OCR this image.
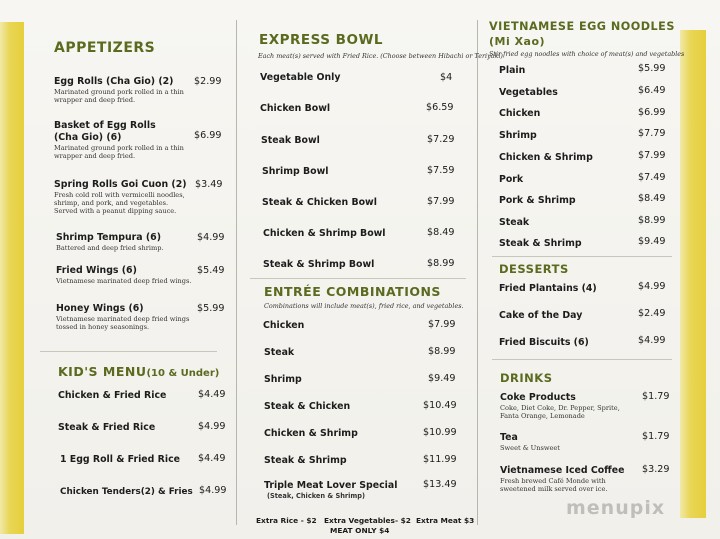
APPETIZERS
Egg Rolls (Cha Gio) (2)
Marinated ground pork rolled in a thin
wrapper and deep fried.
$2.99
Basket of Egg Rolls
(Cha Gio) (6)
Marinated ground pork rolled in a thin
wrapper and deep fried.
$6.99
Spring Rolls Goi Cuon (2)
Fresh cold roll with vermicelli noodles,
shrimp, and pork, and vegetables.
Served with a peanut dipping sauce.
$3.49
Shrimp Tempura (6)
Battered and deep fried shrimp.
$4.99
Fried Wings (6)
Vietnamese marinated deep fried wings.
$5.49
Honey Wings (6)
Vietnamese marinated deep fried wings
tossed in honey seasonings.
$5.99
KID'S MENU(10 & Under)
Chicken & Fried Rice	$4.49
Steak & Fried Rice	$4.99
1 Egg Roll & Fried Rice $4.49
Chicken Tenders(2) & Fries $4.99
EXPRESS BOWL
Each meat(s) served with Fried Rice. (Choose between Hibachi or Teriyaki)
Vegetable Only	$4
Chicken Bowl	$6.59
Steak Bowl	$7.29
Shrimp Bowl	$7.59
Steak & Chicken Bowl	$7.99
Chicken & Shrimp Bowl	$8.49
Steak & Shrimp Bowl	$8.99
ENTRÉE COMBINATIONS
Combinations will include meat(s), fried rice, and vegetables.
Chicken	$7.99
Steak	$8.99
Shrimp	$9.49
Steak & Chicken	$10.49
Chicken & Shrimp	$10.99
Steak & Shrimp	$11.99
Triple Meat Lover Special
(Steak, Chicken & Shrimp)
$13.49
Extra Rice - $2 Extra Vegetables- $2 Extra Meat $3
MEAT ONLY $4
VIETNAMESE EGG NOODLES
(Mi Xao)
Stir fried egg noodles with choice of meat(s) and vegetables
Plain	$5.99
Vegetables	$6.49
Chicken	$6.99
Shrimp	$7.79
Chicken & Shrimp	$7.99
Pork	$7.49
Pork & Shrimp	$8.49
Steak	$8.99
Steak & Shrimp	$9.49
DESSERTS
Fried Plantains (4)	$4.99
Cake of the Day	$2.49
Fried Biscuits (6)	$4.99
DRINKS
Coke Products
Coke, Diet Coke, Dr. Pepper, Sprite,
Fanta Orange, Lemonade
$1.79
Tea
Sweet & Unsweet
$1.79
Vietnamese Iced Coffee
Fresh brewed Café Monde with
sweetened milk served over ice.
$3.29
menupix
